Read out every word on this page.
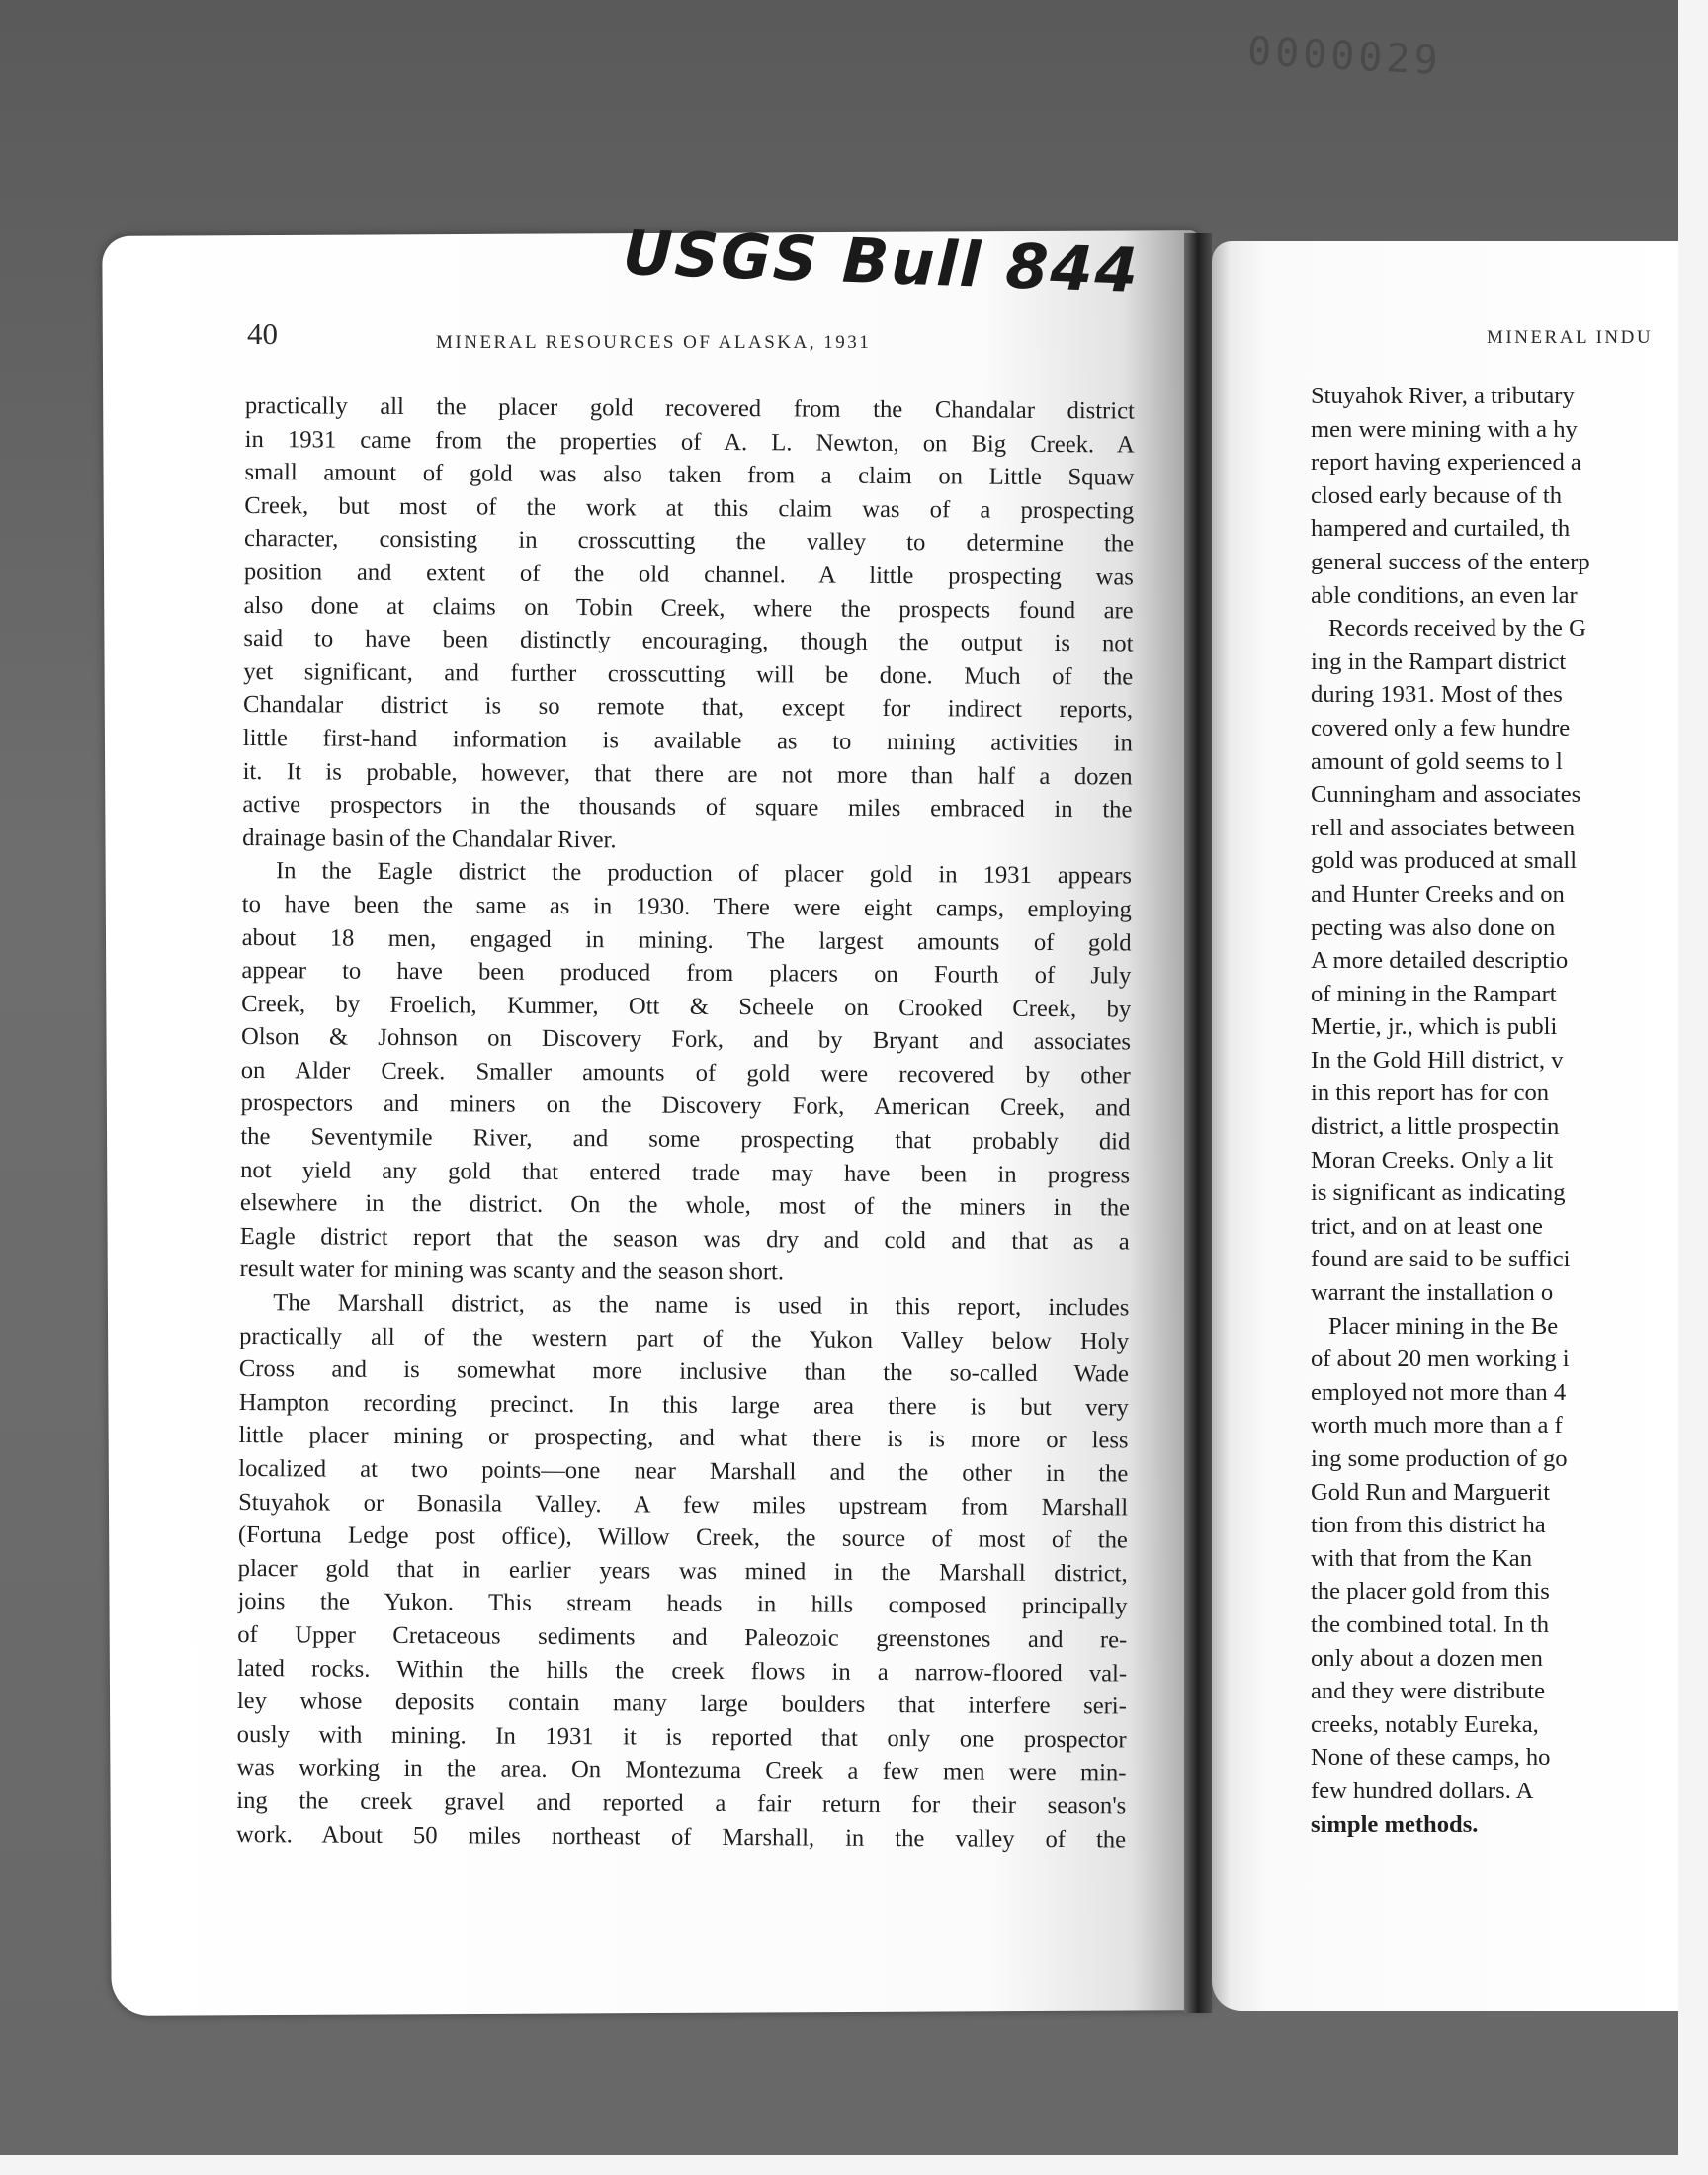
0000029
USGS Bull 844
40	MINERAL RESOURCES OF ALASKA, 1931	MINERAL INDU
practically all the placer gold recovered from the Chandalar district
in 1931 came from the properties of A. L. Newton, on Big Creek. A
small amount of gold was also taken from a claim on Little Squaw
Creek, but most of the work at this claim was of a prospecting
character, consisting in crosscutting the valley to determine the
position and extent of the old channel. A little prospecting was
also done at claims on Tobin Creek, where the prospects found are
said to have been distinctly encouraging, though the output is not
yet significant, and further crosscutting will be done. Much of the
Chandalar district is so remote that, except for indirect reports,
little first-hand information is available as to mining activities in
it. It is probable, however, that there are not more than half a dozen
active prospectors in the thousands of square miles embraced in the
drainage basin of the Chandalar River.
In the Eagle district the production of placer gold in 1931 appears
to have been the same as in 1930. There were eight camps, employing
about 18 men, engaged in mining. The largest amounts of gold
appear to have been produced from placers on Fourth of July
Creek, by Froelich, Kummer, Ott & Scheele on Crooked Creek, by
Olson & Johnson on Discovery Fork, and by Bryant and associates
on Alder Creek. Smaller amounts of gold were recovered by other
prospectors and miners on the Discovery Fork, American Creek, and
the Seventymile River, and some prospecting that probably did
not yield any gold that entered trade may have been in progress
elsewhere in the district. On the whole, most of the miners in the
Eagle district report that the season was dry and cold and that as a
result water for mining was scanty and the season short.
The Marshall district, as the name is used in this report, includes
practically all of the western part of the Yukon Valley below Holy
Cross and is somewhat more inclusive than the so-called Wade
Hampton recording precinct. In this large area there is but very
little placer mining or prospecting, and what there is is more or less
localized at two points—one near Marshall and the other in the
Stuyahok or Bonasila Valley. A few miles upstream from Marshall
(Fortuna Ledge post office), Willow Creek, the source of most of the
placer gold that in earlier years was mined in the Marshall district,
joins the Yukon. This stream heads in hills composed principally
of Upper Cretaceous sediments and Paleozoic greenstones and re-
lated rocks. Within the hills the creek flows in a narrow-floored val-
ley whose deposits contain many large boulders that interfere seri-
ously with mining. In 1931 it is reported that only one prospector
was working in the area. On Montezuma Creek a few men were min-
ing the creek gravel and reported a fair return for their season's
work. About 50 miles northeast of Marshall, in the valley of the
Stuyahok River, a tributary
men were mining with a hy
report having experienced a
closed early because of th
hampered and curtailed, th
general success of the enterp
able conditions, an even lar
Records received by the G
ing in the Rampart district
during 1931. Most of thes
covered only a few hundre
amount of gold seems to l
Cunningham and associates
rell and associates between
gold was produced at small
and Hunter Creeks and on
pecting was also done on
A more detailed descriptio
of mining in the Rampart
Mertie, jr., which is publi
In the Gold Hill district, v
in this report has for con
district, a little prospectin
Moran Creeks. Only a lit
is significant as indicating
trict, and on at least one
found are said to be suffici
warrant the installation o
Placer mining in the Be
of about 20 men working i
employed not more than 4
worth much more than a f
ing some production of go
Gold Run and Marguerit
tion from this district ha
with that from the Kan
the placer gold from this
the combined total. In th
only about a dozen men
and they were distribute
creeks, notably Eureka,
None of these camps, ho
few hundred dollars. A
simple methods.
